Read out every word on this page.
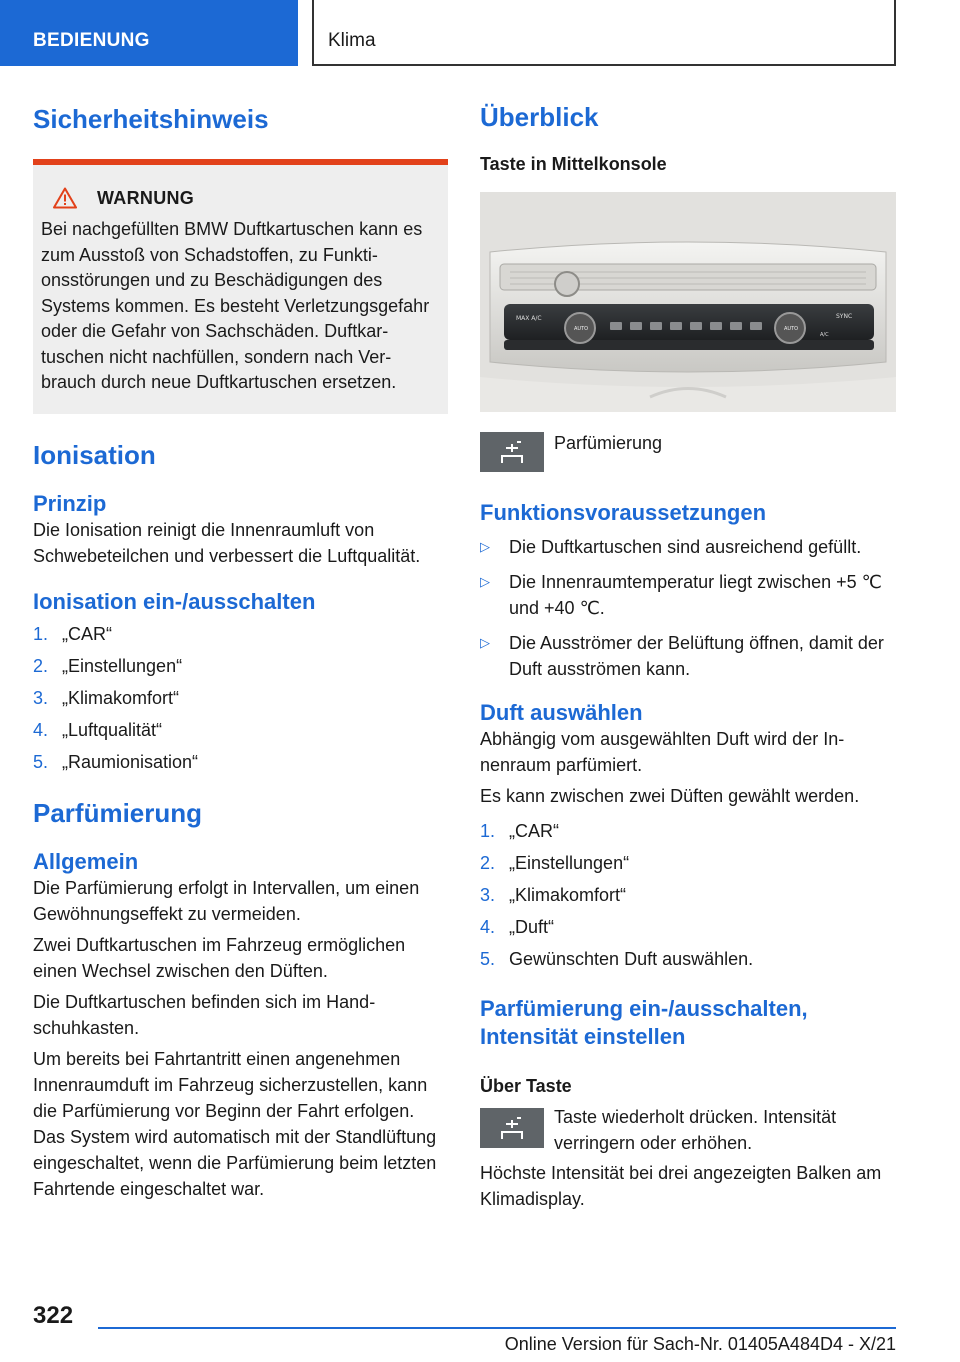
BEDIENUNG	Klima
Sicherheitshinweis
WARNUNG

Bei nachgefüllten BMW Duftkartuschen kann es zum Ausstoß von Schadstoffen, zu Funktionsstörungen und zu Beschädigungen des Systems kommen. Es besteht Verletzungsgefahr oder die Gefahr von Sachschäden. Duftkartuschen nicht nachfüllen, sondern nach Verbrauch durch neue Duftkartuschen ersetzen.

Ionisation
Prinzip

Die Ionisation reinigt die Innenraumluft von Schwebeteilchen und verbessert die Luftqualität.

Ionisation ein-/ausschalten
1. „CAR“
2. „Einstellungen“
3. „Klimakomfort“
4. „Luftqualität“
5. „Raumionisation“
Parfümierung
Allgemein

Die Parfümierung erfolgt in Intervallen, um einen Gewöhnungseffekt zu vermeiden.

Zwei Duftkartuschen im Fahrzeug ermöglichen einen Wechsel zwischen den Düften.

Die Duftkartuschen befinden sich im Handschuhkasten.

Um bereits bei Fahrtantritt einen angenehmen Innenraumduft im Fahrzeug sicherzustellen, kann die Parfümierung vor Beginn der Fahrt erfolgen. Das System wird automatisch mit der Standlüftung eingeschaltet, wenn die Parfümierung beim letzten Fahrtende eingeschaltet war.

Überblick
Taste in Mittelkonsole
MAX A/C
AUTO	AUTO
A/C
SYNC
Parfümierung
Funktionsvoraussetzungen
▷	Die Duftkartuschen sind ausreichend gefüllt.
▷	Die Innenraumtemperatur liegt zwischen +5 ℃ und +40 ℃.
▷	Die Ausströmer der Belüftung öffnen, damit der Duft ausströmen kann.
Duft auswählen

Abhängig vom ausgewählten Duft wird der Innenraum parfümiert.

Es kann zwischen zwei Düften gewählt werden.

1. „CAR“
2. „Einstellungen“
3. „Klimakomfort“
4. „Duft“
5. Gewünschten Duft auswählen.
Parfümierung ein-/ausschalten, Intensität einstellen
Über Taste
Taste wiederholt drücken. Intensität verringern oder erhöhen.

Höchste Intensität bei drei angezeigten Balken am Klimadisplay.

322
Online Version für Sach-Nr. 01405A484D4 - X/21
